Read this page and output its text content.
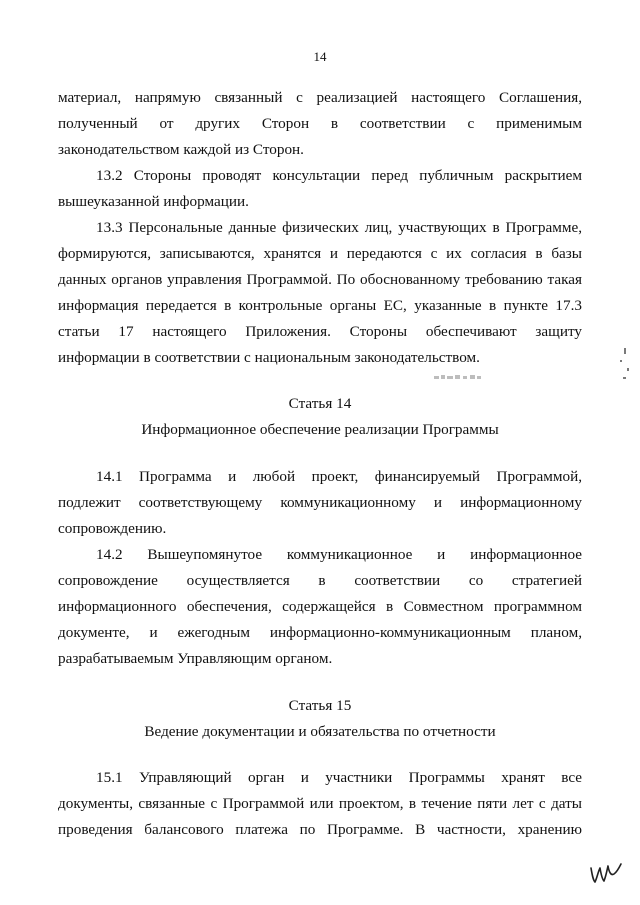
14
материал, напрямую связанный с реализацией настоящего Соглашения,
полученный от других Сторон в соответствии с применимым
законодательством каждой из Сторон.
13.2 Стороны проводят консультации перед публичным раскрытием
вышеуказанной информации.
13.3 Персональные данные физических лиц, участвующих в Программе,
формируются, записываются, хранятся и передаются с их согласия в базы
данных органов управления Программой. По обоснованному требованию такая
информация передается в контрольные органы ЕС, указанные в пункте 17.3
статьи 17 настоящего Приложения. Стороны обеспечивают защиту
информации в соответствии с национальным законодательством.
Статья 14
Информационное обеспечение реализации Программы
14.1 Программа и любой проект, финансируемый Программой,
подлежит соответствующему коммуникационному и информационному
сопровождению.
14.2 Вышеупомянутое коммуникационное и информационное
сопровождение осуществляется в соответствии со стратегией
информационного обеспечения, содержащейся в Совместном программном
документе, и ежегодным информационно-коммуникационным планом,
разрабатываемым Управляющим органом.
Статья 15
Ведение документации и обязательства по отчетности
15.1 Управляющий орган и участники Программы хранят все
документы, связанные с Программой или проектом, в течение пяти лет с даты
проведения балансового платежа по Программе. В частности, хранению
